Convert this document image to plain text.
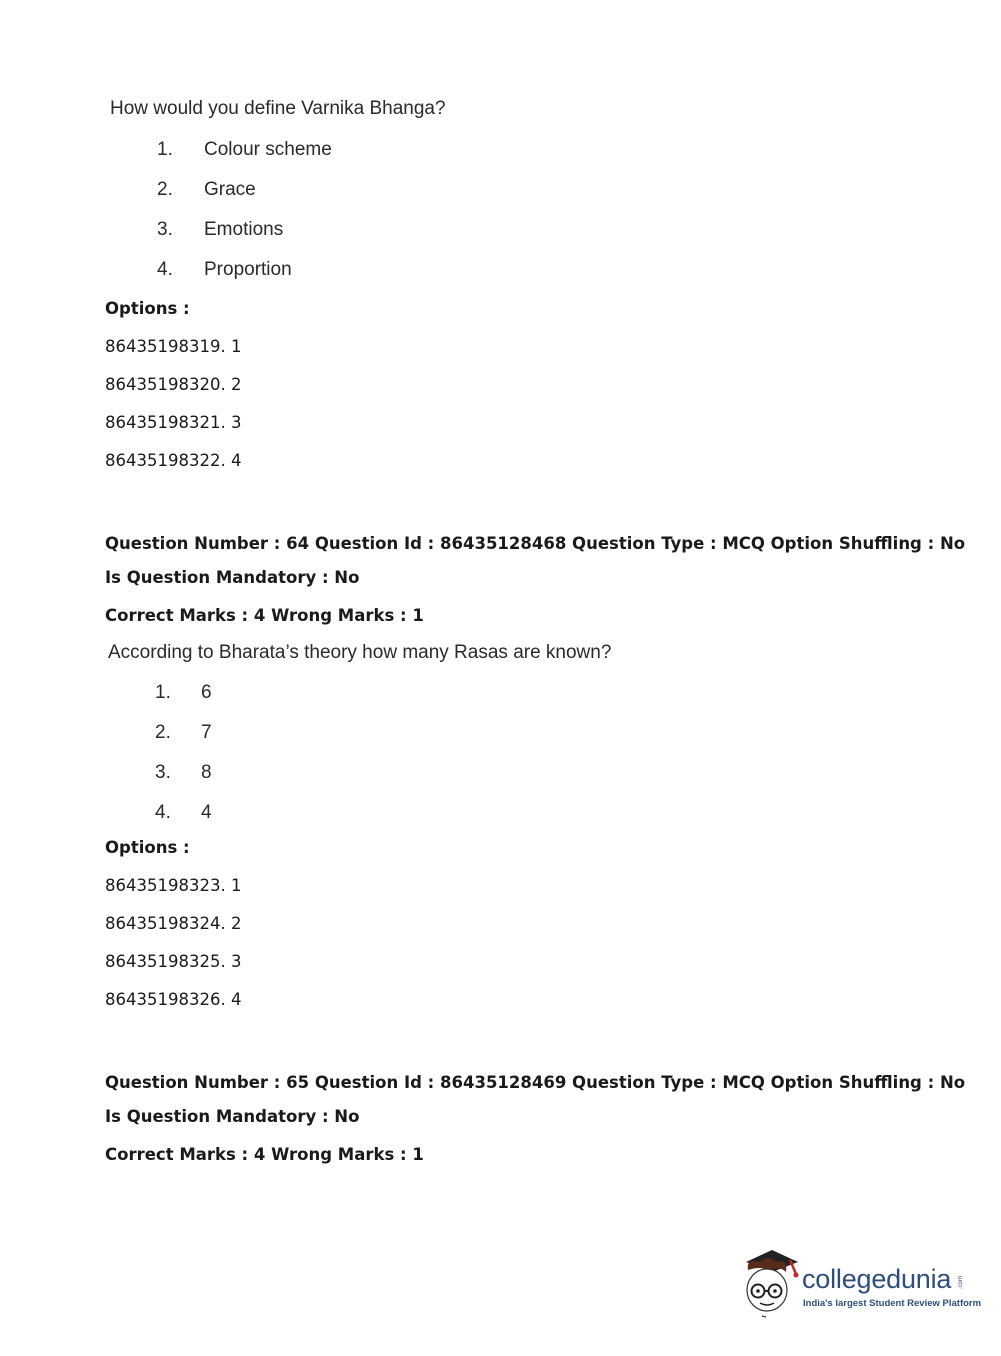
How would you define Varnika Bhanga?
1. Colour scheme
2. Grace
3. Emotions
4. Proportion
Options :
86435198319. 1
86435198320. 2
86435198321. 3
86435198322. 4
Question Number : 64 Question Id : 86435128468 Question Type : MCQ Option Shuffling : No
Is Question Mandatory : No
Correct Marks : 4 Wrong Marks : 1
According to Bharata’s theory how many Rasas are known?
1. 6
2. 7
3. 8
4. 4
Options :
86435198323. 1
86435198324. 2
86435198325. 3
86435198326. 4
Question Number : 65 Question Id : 86435128469 Question Type : MCQ Option Shuffling : No
Is Question Mandatory : No
Correct Marks : 4 Wrong Marks : 1
collegedunia .com
India's largest Student Review Platform
